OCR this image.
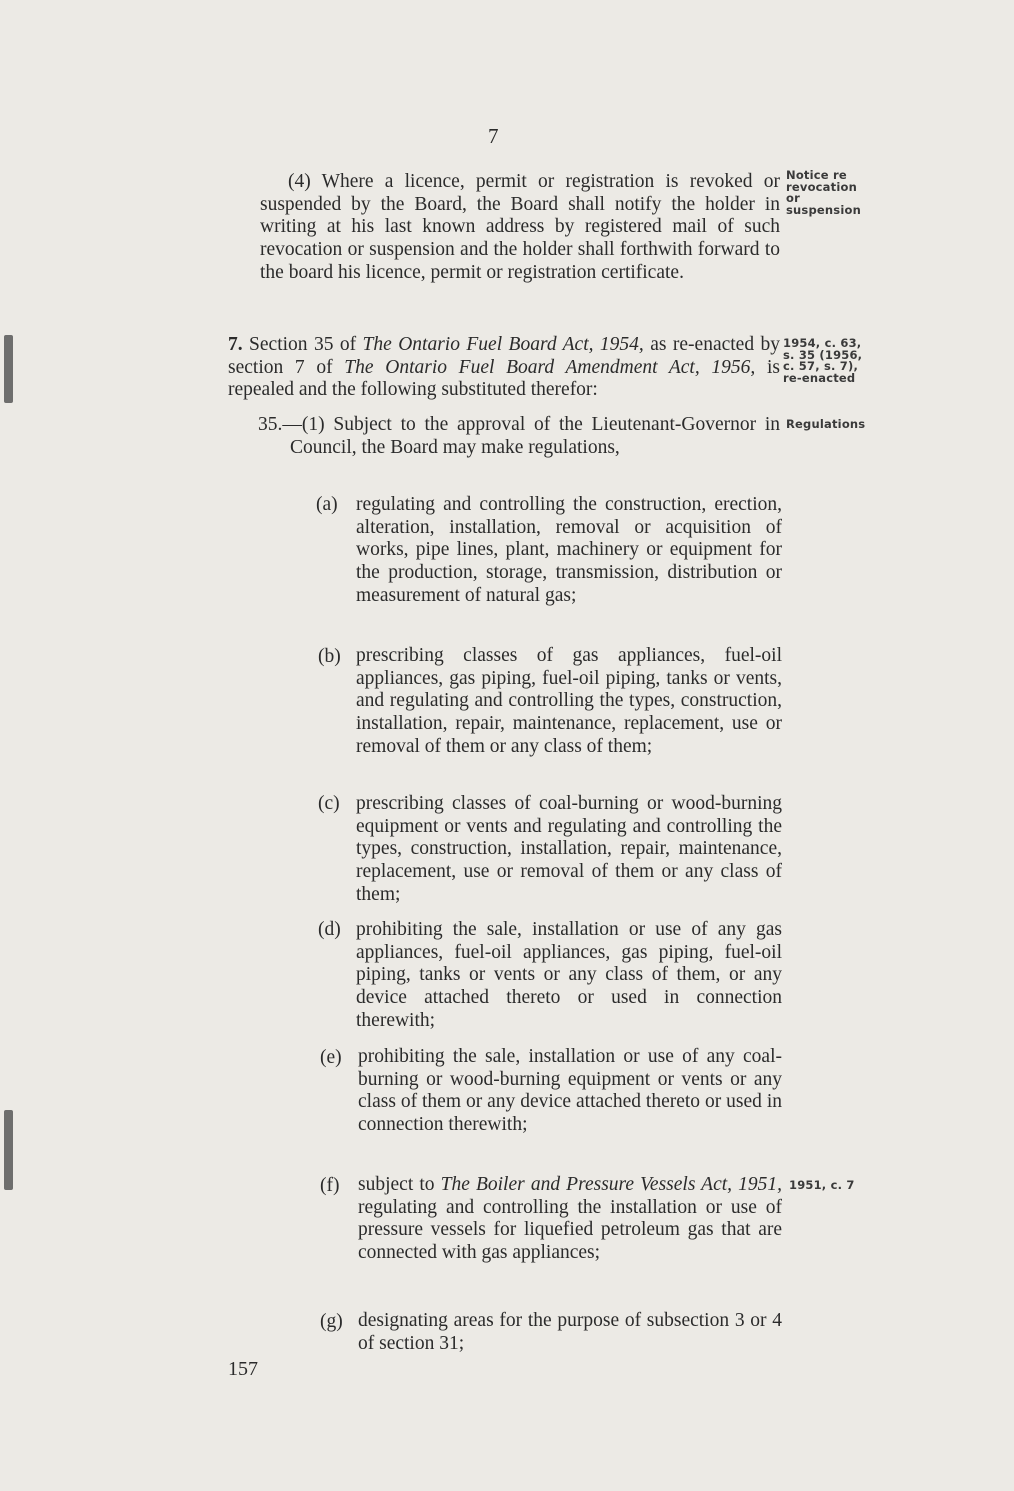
7
(4) Where a licence, permit or registration is revoked or suspended by the Board, the Board shall notify the holder in writing at his last known address by registered mail of such revocation or suspension and the holder shall forthwith forward to the board his licence, permit or registration certificate.
Notice re
revocation
or
suspension
7. Section 35 of The Ontario Fuel Board Act, 1954, as re-enacted by section 7 of The Ontario Fuel Board Amendment Act, 1956, is repealed and the following substituted therefor:
1954, c. 63,
s. 35 (1956,
c. 57, s. 7),
re-enacted
35.—(1) Subject to the approval of the Lieutenant-Governor in Council, the Board may make regulations,
Regulations
(a) regulating and controlling the construction, erection, alteration, installation, removal or acquisition of works, pipe lines, plant, machinery or equipment for the production, storage, transmission, distribution or measurement of natural gas;
(b) prescribing classes of gas appliances, fuel-oil appliances, gas piping, fuel-oil piping, tanks or vents, and regulating and controlling the types, construction, installation, repair, maintenance, replacement, use or removal of them or any class of them;
(c) prescribing classes of coal-burning or wood-burning equipment or vents and regulating and controlling the types, construction, installation, repair, maintenance, replacement, use or removal of them or any class of them;
(d) prohibiting the sale, installation or use of any gas appliances, fuel-oil appliances, gas piping, fuel-oil piping, tanks or vents or any class of them, or any device attached thereto or used in connection therewith;
(e) prohibiting the sale, installation or use of any coal-burning or wood-burning equipment or vents or any class of them or any device attached thereto or used in connection therewith;
(f) subject to The Boiler and Pressure Vessels Act, 1951, regulating and controlling the installation or use of pressure vessels for liquefied petroleum gas that are connected with gas appliances;
1951, c. 7
(g) designating areas for the purpose of subsection 3 or 4 of section 31;
157
